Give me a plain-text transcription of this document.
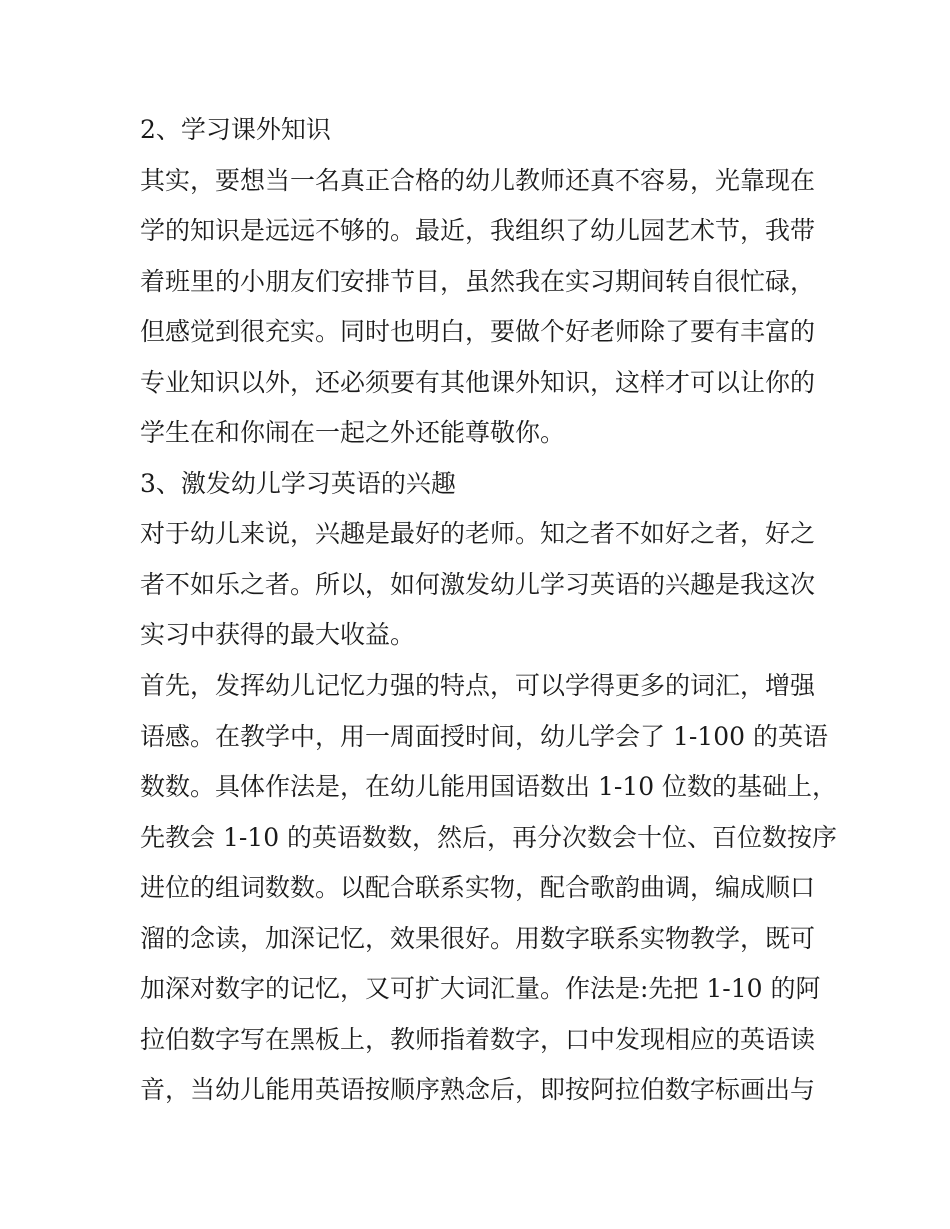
2、学习课外知识
其实，要想当一名真正合格的幼儿教师还真不容易，光靠现在
学的知识是远远不够的。最近，我组织了幼儿园艺术节，我带
着班里的小朋友们安排节目，虽然我在实习期间转自很忙碌，
但感觉到很充实。同时也明白，要做个好老师除了要有丰富的
专业知识以外，还必须要有其他课外知识，这样才可以让你的
学生在和你闹在一起之外还能尊敬你。
3、激发幼儿学习英语的兴趣
对于幼儿来说，兴趣是最好的老师。知之者不如好之者，好之
者不如乐之者。所以，如何激发幼儿学习英语的兴趣是我这次
实习中获得的最大收益。
首先，发挥幼儿记忆力强的特点，可以学得更多的词汇，增强
语感。在教学中，用一周面授时间，幼儿学会了 1-100 的英语
数数。具体作法是，在幼儿能用国语数出 1-10 位数的基础上，
先教会 1-10 的英语数数，然后，再分次数会十位、百位数按序
进位的组词数数。以配合联系实物，配合歌韵曲调，编成顺口
溜的念读，加深记忆，效果很好。用数字联系实物教学，既可
加深对数字的记忆，又可扩大词汇量。作法是:先把 1-10 的阿
拉伯数字写在黑板上，教师指着数字，口中发现相应的英语读
音，当幼儿能用英语按顺序熟念后，即按阿拉伯数字标画出与
